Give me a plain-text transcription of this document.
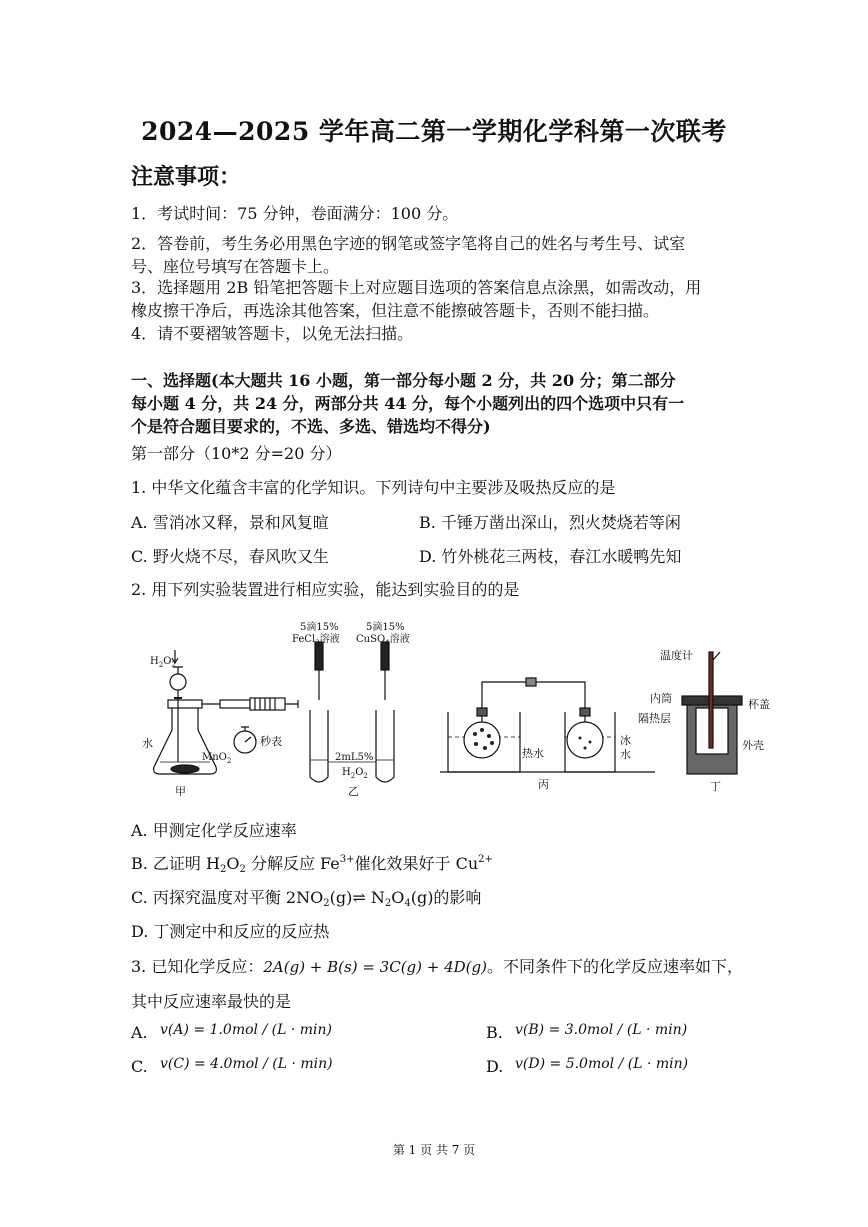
2024—2025 学年高二第一学期化学科第一次联考
注意事项：
1．考试时间：75 分钟，卷面满分：100 分。
2．答卷前，考生务必用黑色字迹的钢笔或签字笔将自己的姓名与考生号、试室
号、座位号填写在答题卡上。
3．选择题用 2B 铅笔把答题卡上对应题目选项的答案信息点涂黑，如需改动，用
橡皮擦干净后，再选涂其他答案，但注意不能擦破答题卡，否则不能扫描。
4．请不要褶皱答题卡，以免无法扫描。
一、选择题(本大题共 16 小题，第一部分每小题 2 分，共 20 分；第二部分
每小题 4 分，共 24 分，两部分共 44 分，每个小题列出的四个选项中只有一
个是符合题目要求的，不选、多选、错选均不得分)
第一部分（10*2 分=20 分）
1. 中华文化蕴含丰富的化学知识。下列诗句中主要涉及吸热反应的是
A. 雪消冰又释，景和风复暄	B. 千锤万凿出深山，烈火焚烧若等闲
C. 野火烧不尽，春风吹又生	D. 竹外桃花三两枝，春江水暖鸭先知
2. 用下列实验装置进行相应实验，能达到实验目的的是
$H_2O_2$
水
MnO$_2$
秒表
甲
5滴15%
FeCl$_3$溶液
5滴15%
CuSO$_4$溶液
2mL5%
$H_2O_2$
乙
热水
冰
水
丙
温度计
内筒	杯盖
隔热层
外壳
丁
A. 甲测定化学反应速率
B. 乙证明 $H_2O_2$ 分解反应 $Fe^{3+}$催化效果好于 $Cu^{2+}$
C. 丙探究温度对平衡 $2NO_2(g)\rightleftharpoons$ $N_2O_4(g)$的影响
D. 丁测定中和反应的反应热
3. 已知化学反应：2A(g) + B(s) = 3C(g) + 4D(g)。不同条件下的化学反应速率如下，
其中反应速率最快的是
A. v(A) = 1.0mol / (L · min)	B. v(B) = 3.0mol / (L · min)
C. v(C) = 4.0mol / (L · min)	D. v(D) = 5.0mol / (L · min)
第 1 页 共 7 页
